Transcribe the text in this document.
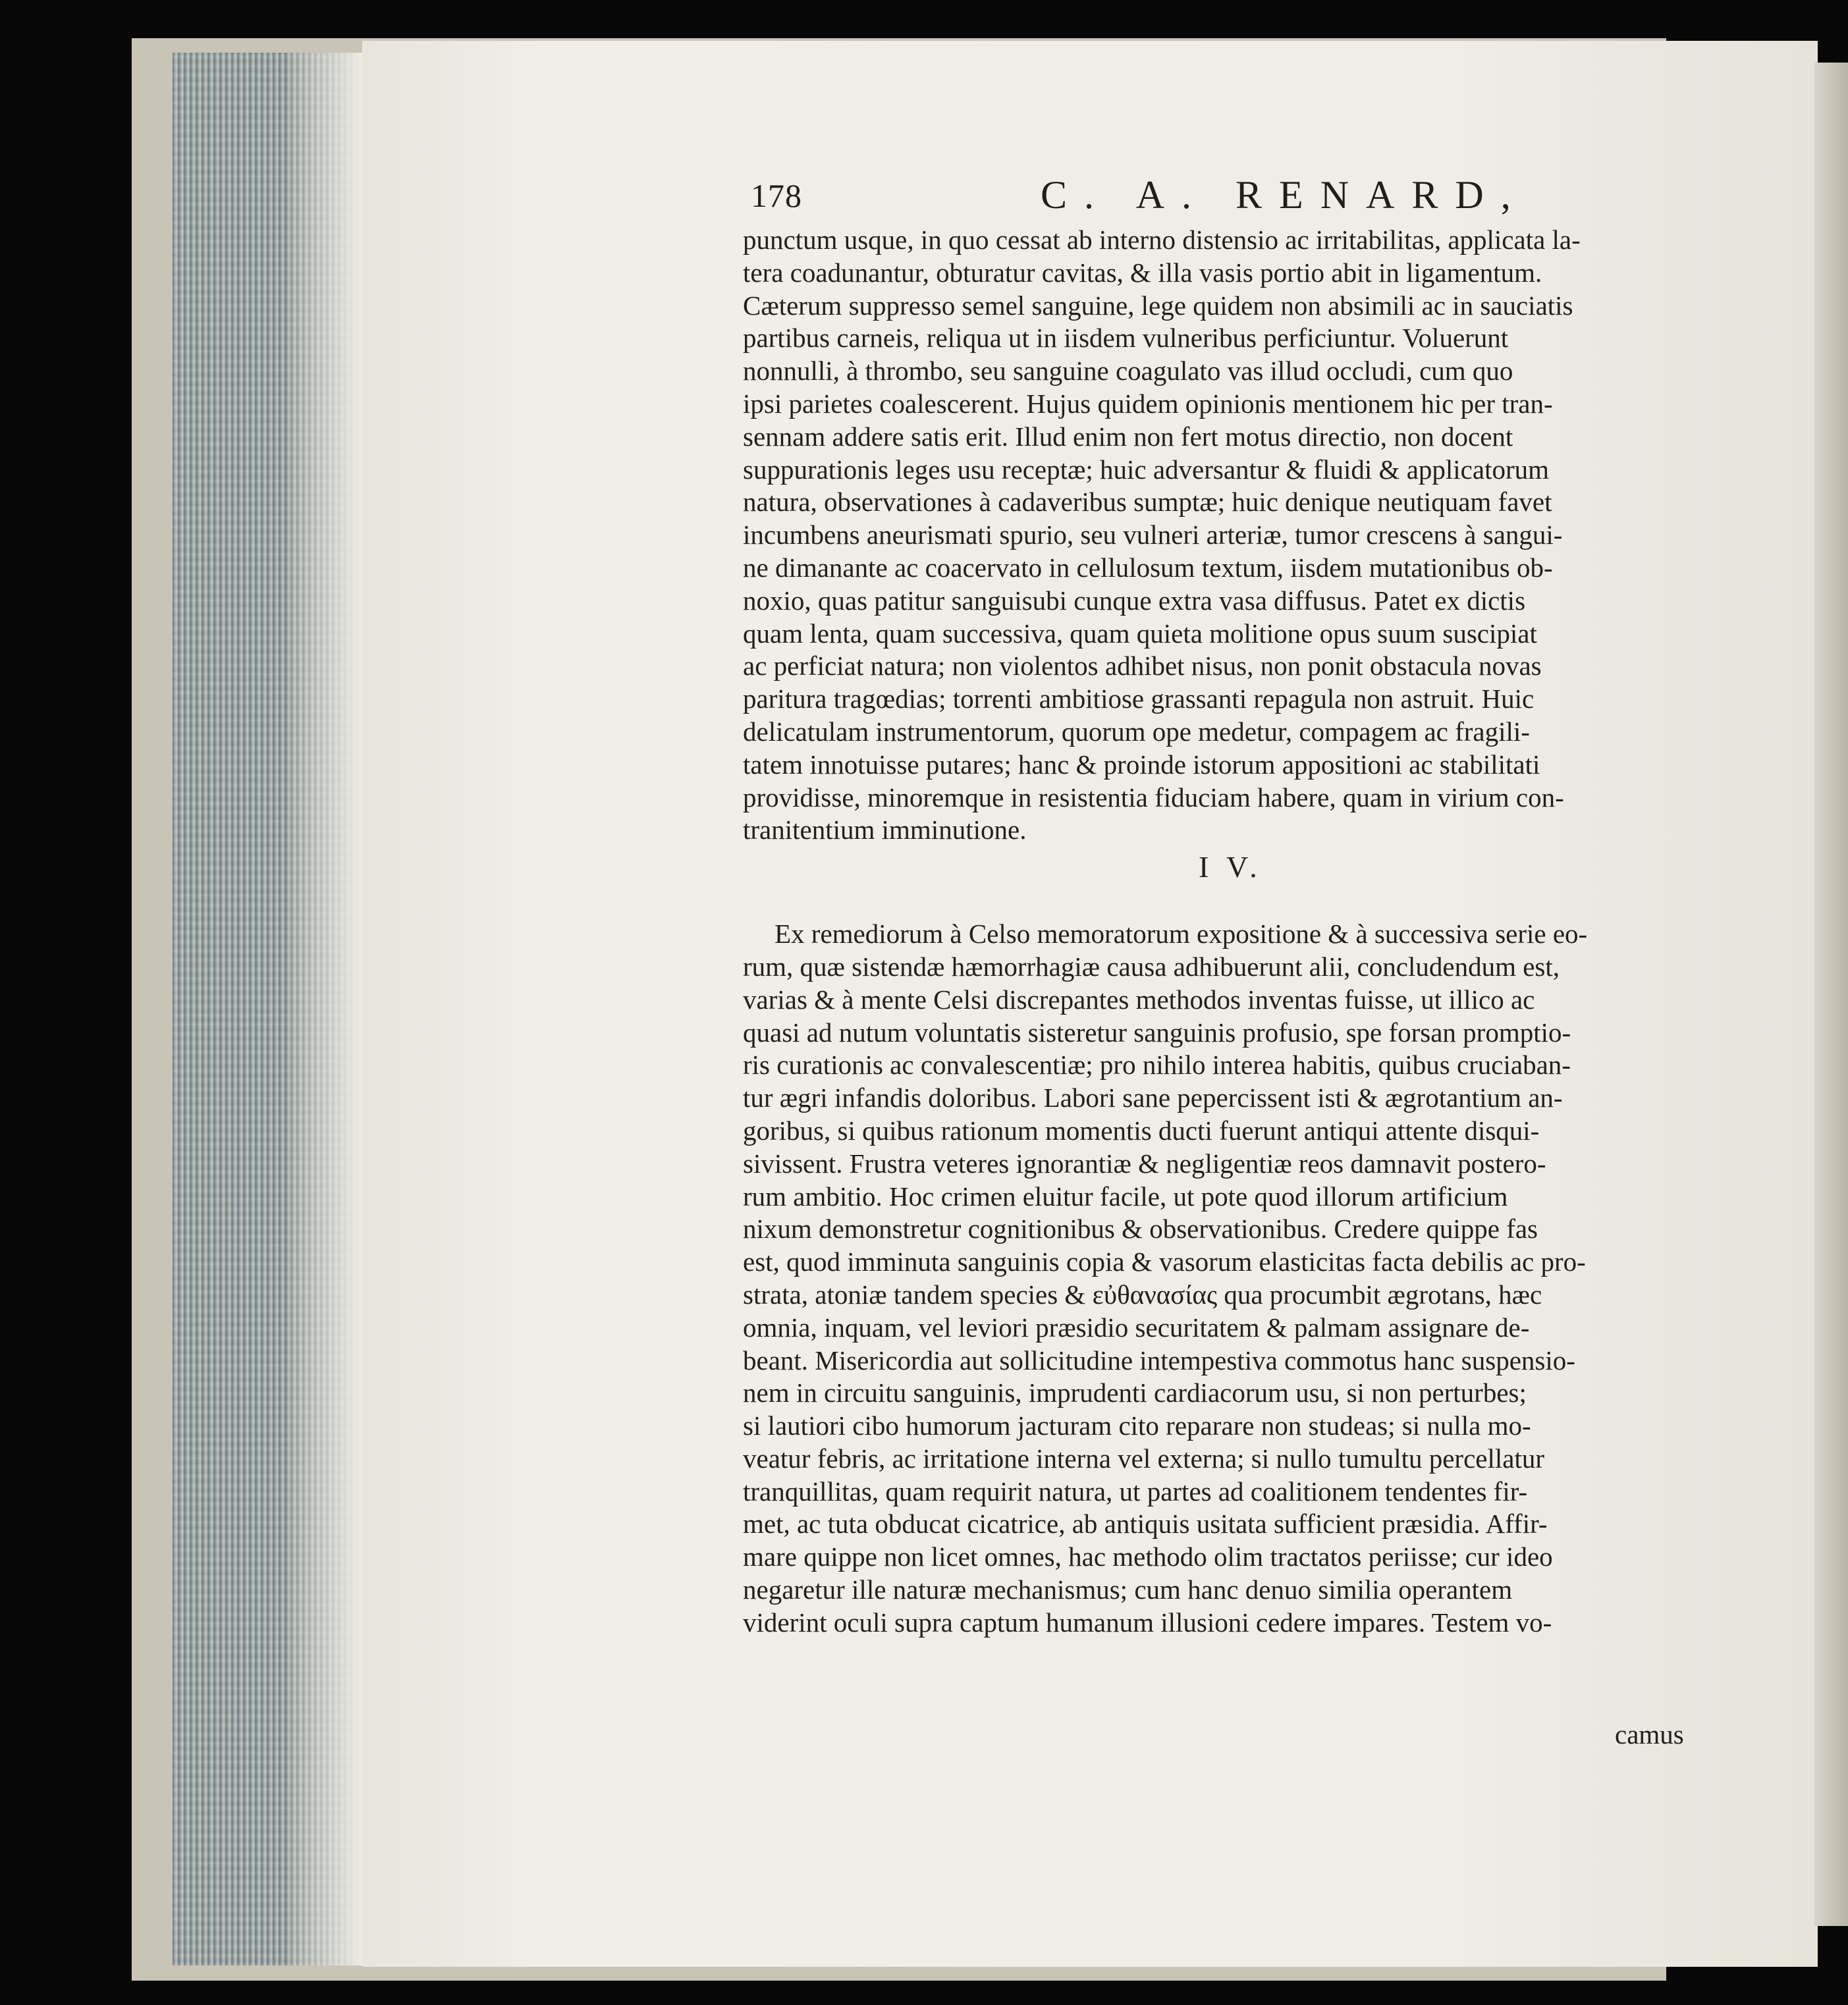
178	C. A. RENARD,
punctum usque, in quo cessat ab interno distensio ac irritabilitas, applicata la-
tera coadunantur, obturatur cavitas, & illa vasis portio abit in ligamentum.
Cæterum suppresso semel sanguine, lege quidem non absimili ac in sauciatis
partibus carneis, reliqua ut in iisdem vulneribus perficiuntur. Voluerunt
nonnulli, à thrombo, seu sanguine coagulato vas illud occludi, cum quo
ipsi parietes coalescerent. Hujus quidem opinionis mentionem hic per tran-
sennam addere satis erit. Illud enim non fert motus directio, non docent
suppurationis leges usu receptæ; huic adversantur & fluidi & applicatorum
natura, observationes à cadaveribus sumptæ; huic denique neutiquam favet
incumbens aneurismati spurio, seu vulneri arteriæ, tumor crescens à sangui-
ne dimanante ac coacervato in cellulosum textum, iisdem mutationibus ob-
noxio, quas patitur sanguisubi cunque extra vasa diffusus. Patet ex dictis
quam lenta, quam successiva, quam quieta molitione opus suum suscipiat
ac perficiat natura; non violentos adhibet nisus, non ponit obstacula novas
paritura tragœdias; torrenti ambitiose grassanti repagula non astruit. Huic
delicatulam instrumentorum, quorum ope medetur, compagem ac fragili-
tatem innotuisse putares; hanc & proinde istorum appositioni ac stabilitati
providisse, minoremque in resistentia fiduciam habere, quam in virium con-
tranitentium imminutione.
Ex remediorum à Celso memoratorum expositione & à successiva serie eo-
rum, quæ sistendæ hæmorrhagiæ causa adhibuerunt alii, concludendum est,
varias & à mente Celsi discrepantes methodos inventas fuisse, ut illico ac
quasi ad nutum voluntatis sisteretur sanguinis profusio, spe forsan promptio-
ris curationis ac convalescentiæ; pro nihilo interea habitis, quibus cruciaban-
tur ægri infandis doloribus. Labori sane pepercissent isti & ægrotantium an-
goribus, si quibus rationum momentis ducti fuerunt antiqui attente disqui-
sivissent. Frustra veteres ignorantiæ & negligentiæ reos damnavit postero-
rum ambitio. Hoc crimen eluitur facile, ut pote quod illorum artificium
nixum demonstretur cognitionibus & observationibus. Credere quippe fas
est, quod imminuta sanguinis copia & vasorum elasticitas facta debilis ac pro-
strata, atoniæ tandem species & εὐθανασίας qua procumbit ægrotans, hæc
omnia, inquam, vel leviori præsidio securitatem & palmam assignare de-
beant. Misericordia aut sollicitudine intempestiva commotus hanc suspensio-
nem in circuitu sanguinis, imprudenti cardiacorum usu, si non perturbes;
si lautiori cibo humorum jacturam cito reparare non studeas; si nulla mo-
veatur febris, ac irritatione interna vel externa; si nullo tumultu percellatur
tranquillitas, quam requirit natura, ut partes ad coalitionem tendentes fir-
met, ac tuta obducat cicatrice, ab antiquis usitata sufficient præsidia. Affir-
mare quippe non licet omnes, hac methodo olim tractatos periisse; cur ideo
negaretur ille naturæ mechanismus; cum hanc denuo similia operantem
viderint oculi supra captum humanum illusioni cedere impares. Testem vo-
I V.
camus
